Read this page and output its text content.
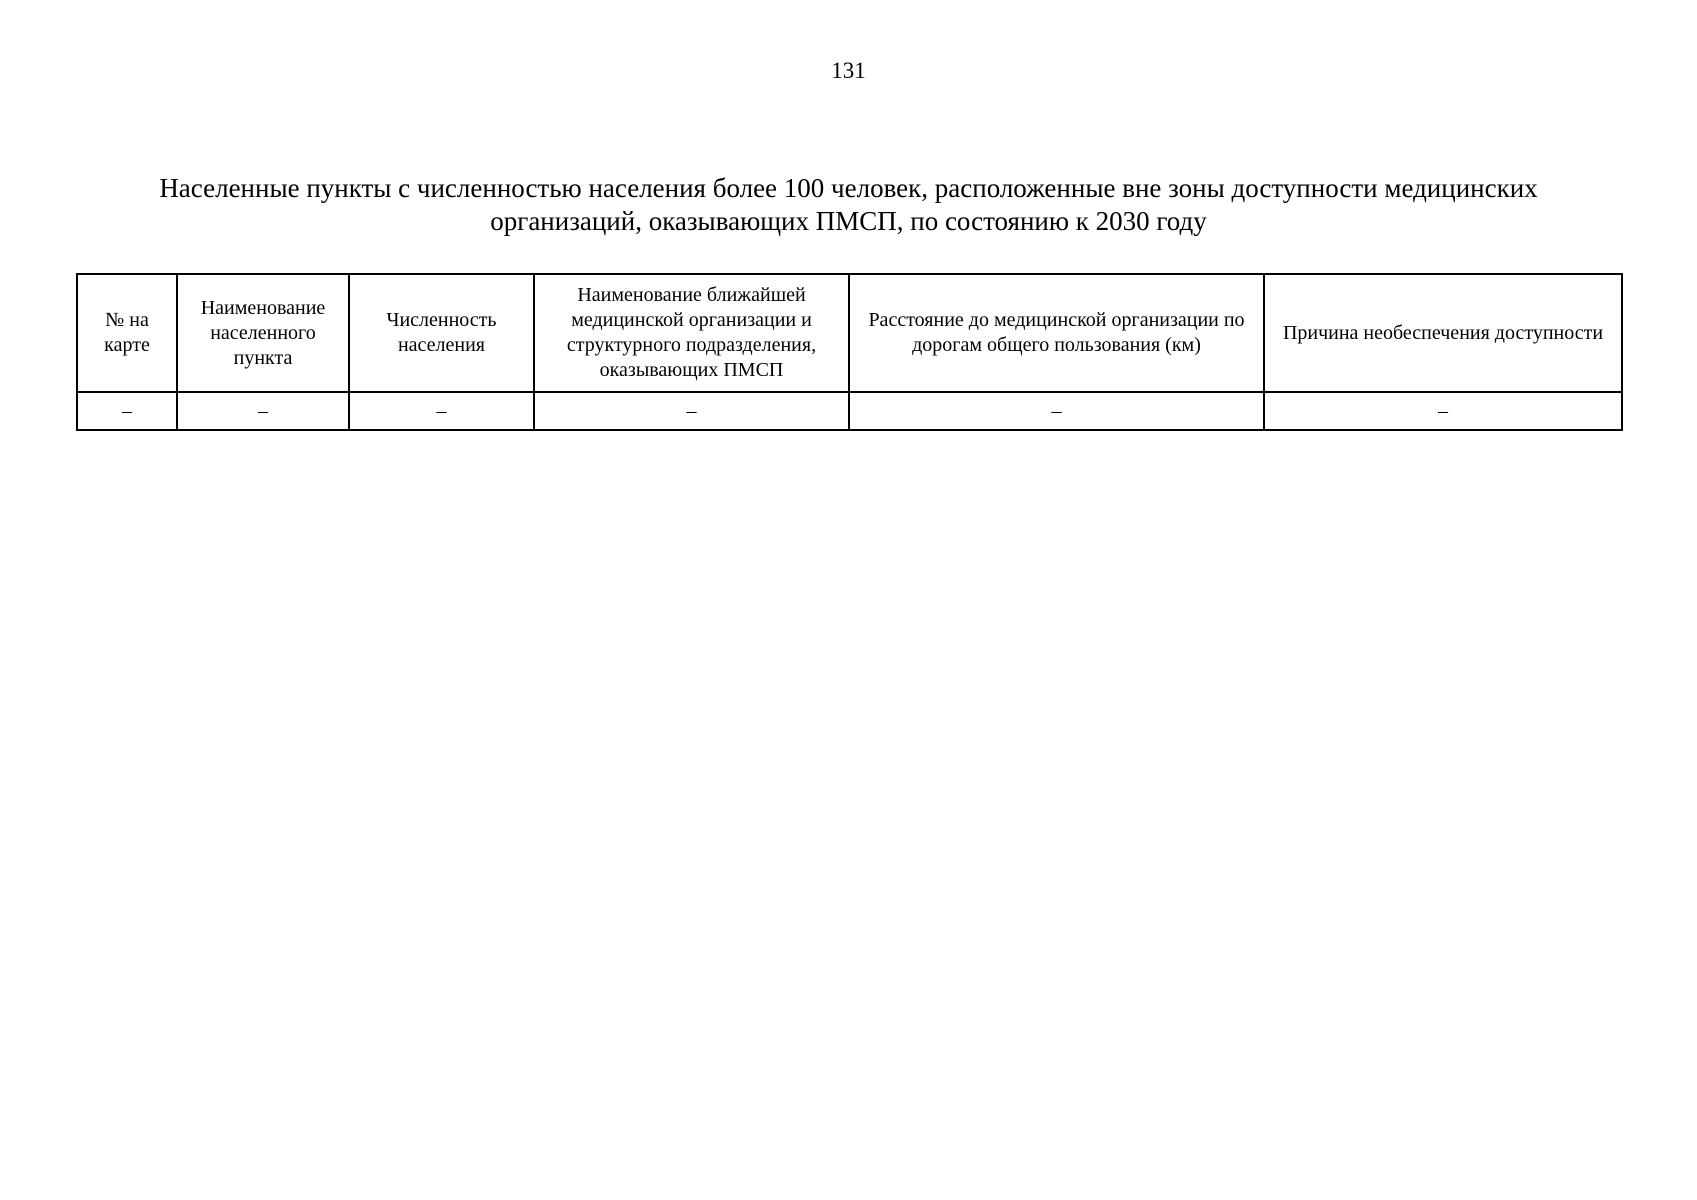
131
Населенные пункты с численностью населения более 100 человек, расположенные вне зоны доступности медицинских
организаций, оказывающих ПМСП, по состоянию к 2030 году
№ на карте	Наименование населенного пункта	Численность населения	Наименование ближайшей медицинской организации и структурного подразделения, оказывающих ПМСП	Расстояние до медицинской организации по дорогам общего пользования (км)	Причина необеспечения доступности
–	–	–	–	–	–
